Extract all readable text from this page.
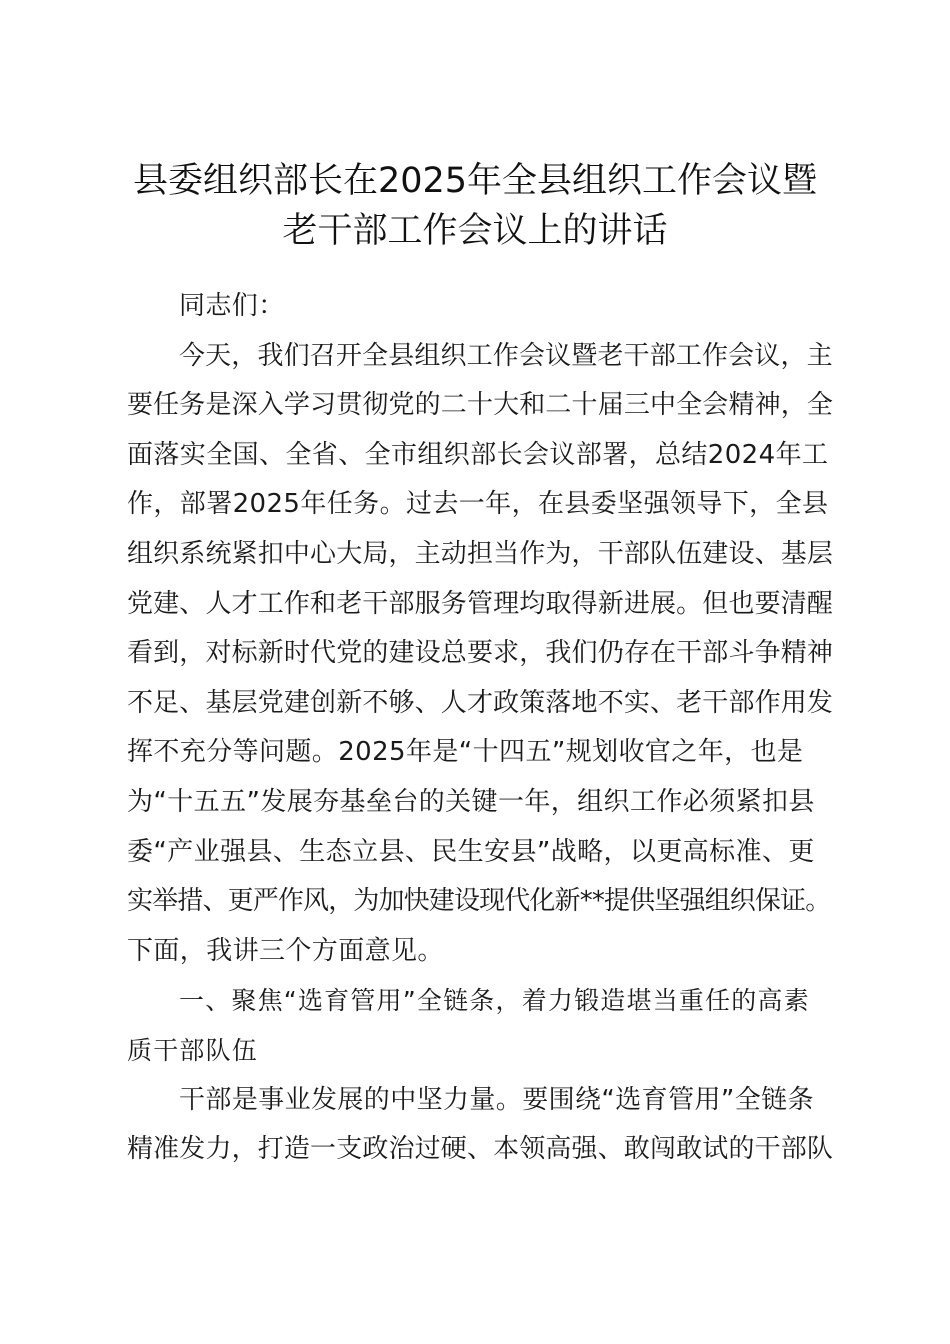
县委组织部长在2025年全县组织工作会议暨
老干部工作会议上的讲话
同志们：
今天，我们召开全县组织工作会议暨老干部工作会议，主
要任务是深入学习贯彻党的二十大和二十届三中全会精神，全
面落实全国、全省、全市组织部长会议部署，总结2024年工
作，部署2025年任务。过去一年，在县委坚强领导下，全县
组织系统紧扣中心大局，主动担当作为，干部队伍建设、基层
党建、人才工作和老干部服务管理均取得新进展。但也要清醒
看到，对标新时代党的建设总要求，我们仍存在干部斗争精神
不足、基层党建创新不够、人才政策落地不实、老干部作用发
挥不充分等问题。2025年是“十四五”规划收官之年，也是
为“十五五”发展夯基垒台的关键一年，组织工作必须紧扣县
委“产业强县、生态立县、民生安县”战略，以更高标准、更
实举措、更严作风，为加快建设现代化新**提供坚强组织保证。
下面，我讲三个方面意见。
一、聚焦“选育管用”全链条，着力锻造堪当重任的高素
质干部队伍
干部是事业发展的中坚力量。要围绕“选育管用”全链条
精准发力，打造一支政治过硬、本领高强、敢闯敢试的干部队
